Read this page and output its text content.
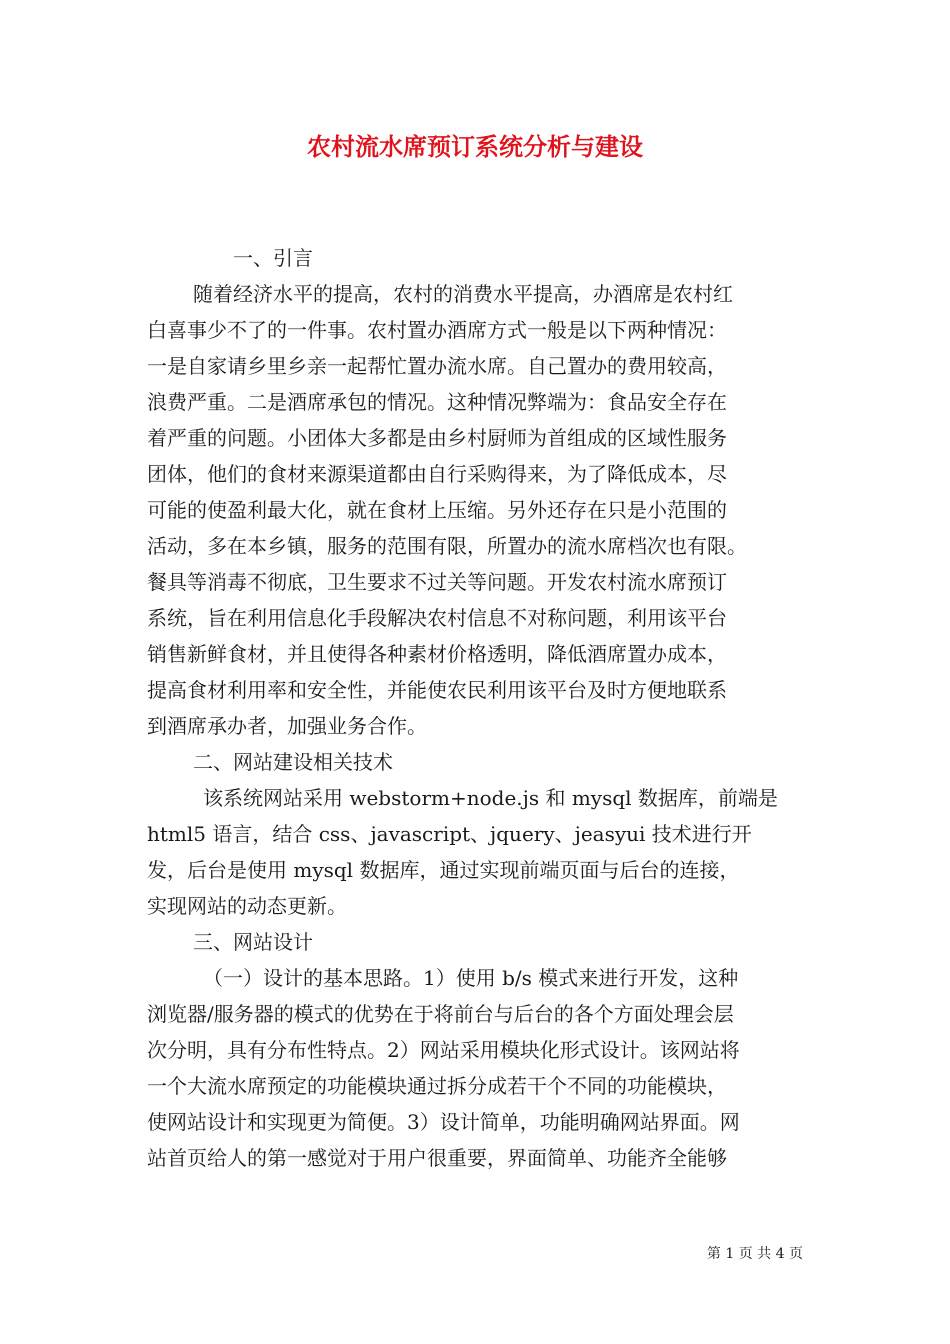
农村流水席预订系统分析与建设
一、引言
随着经济水平的提高，农村的消费水平提高，办酒席是农村红
白喜事少不了的一件事。农村置办酒席方式一般是以下两种情况：
一是自家请乡里乡亲一起帮忙置办流水席。自己置办的费用较高，
浪费严重。二是酒席承包的情况。这种情况弊端为：食品安全存在
着严重的问题。小团体大多都是由乡村厨师为首组成的区域性服务
团体，他们的食材来源渠道都由自行采购得来，为了降低成本，尽
可能的使盈利最大化，就在食材上压缩。另外还存在只是小范围的
活动，多在本乡镇，服务的范围有限，所置办的流水席档次也有限。
餐具等消毒不彻底，卫生要求不过关等问题。开发农村流水席预订
系统，旨在利用信息化手段解决农村信息不对称问题，利用该平台
销售新鲜食材，并且使得各种素材价格透明，降低酒席置办成本，
提高食材利用率和安全性，并能使农民利用该平台及时方便地联系
到酒席承办者，加强业务合作。
二、网站建设相关技术
该系统网站采用 webstorm+node.js 和 mysql 数据库，前端是
html5 语言，结合 css、javascript、jquery、jeasyui 技术进行开
发，后台是使用 mysql 数据库，通过实现前端页面与后台的连接，
实现网站的动态更新。
三、网站设计
（一）设计的基本思路。1）使用 b/s 模式来进行开发，这种
浏览器/服务器的模式的优势在于将前台与后台的各个方面处理会层
次分明，具有分布性特点。2）网站采用模块化形式设计。该网站将
一个大流水席预定的功能模块通过拆分成若干个不同的功能模块，
使网站设计和实现更为简便。3）设计简单，功能明确网站界面。网
站首页给人的第一感觉对于用户很重要，界面简单、功能齐全能够
第 1 页 共 4 页
